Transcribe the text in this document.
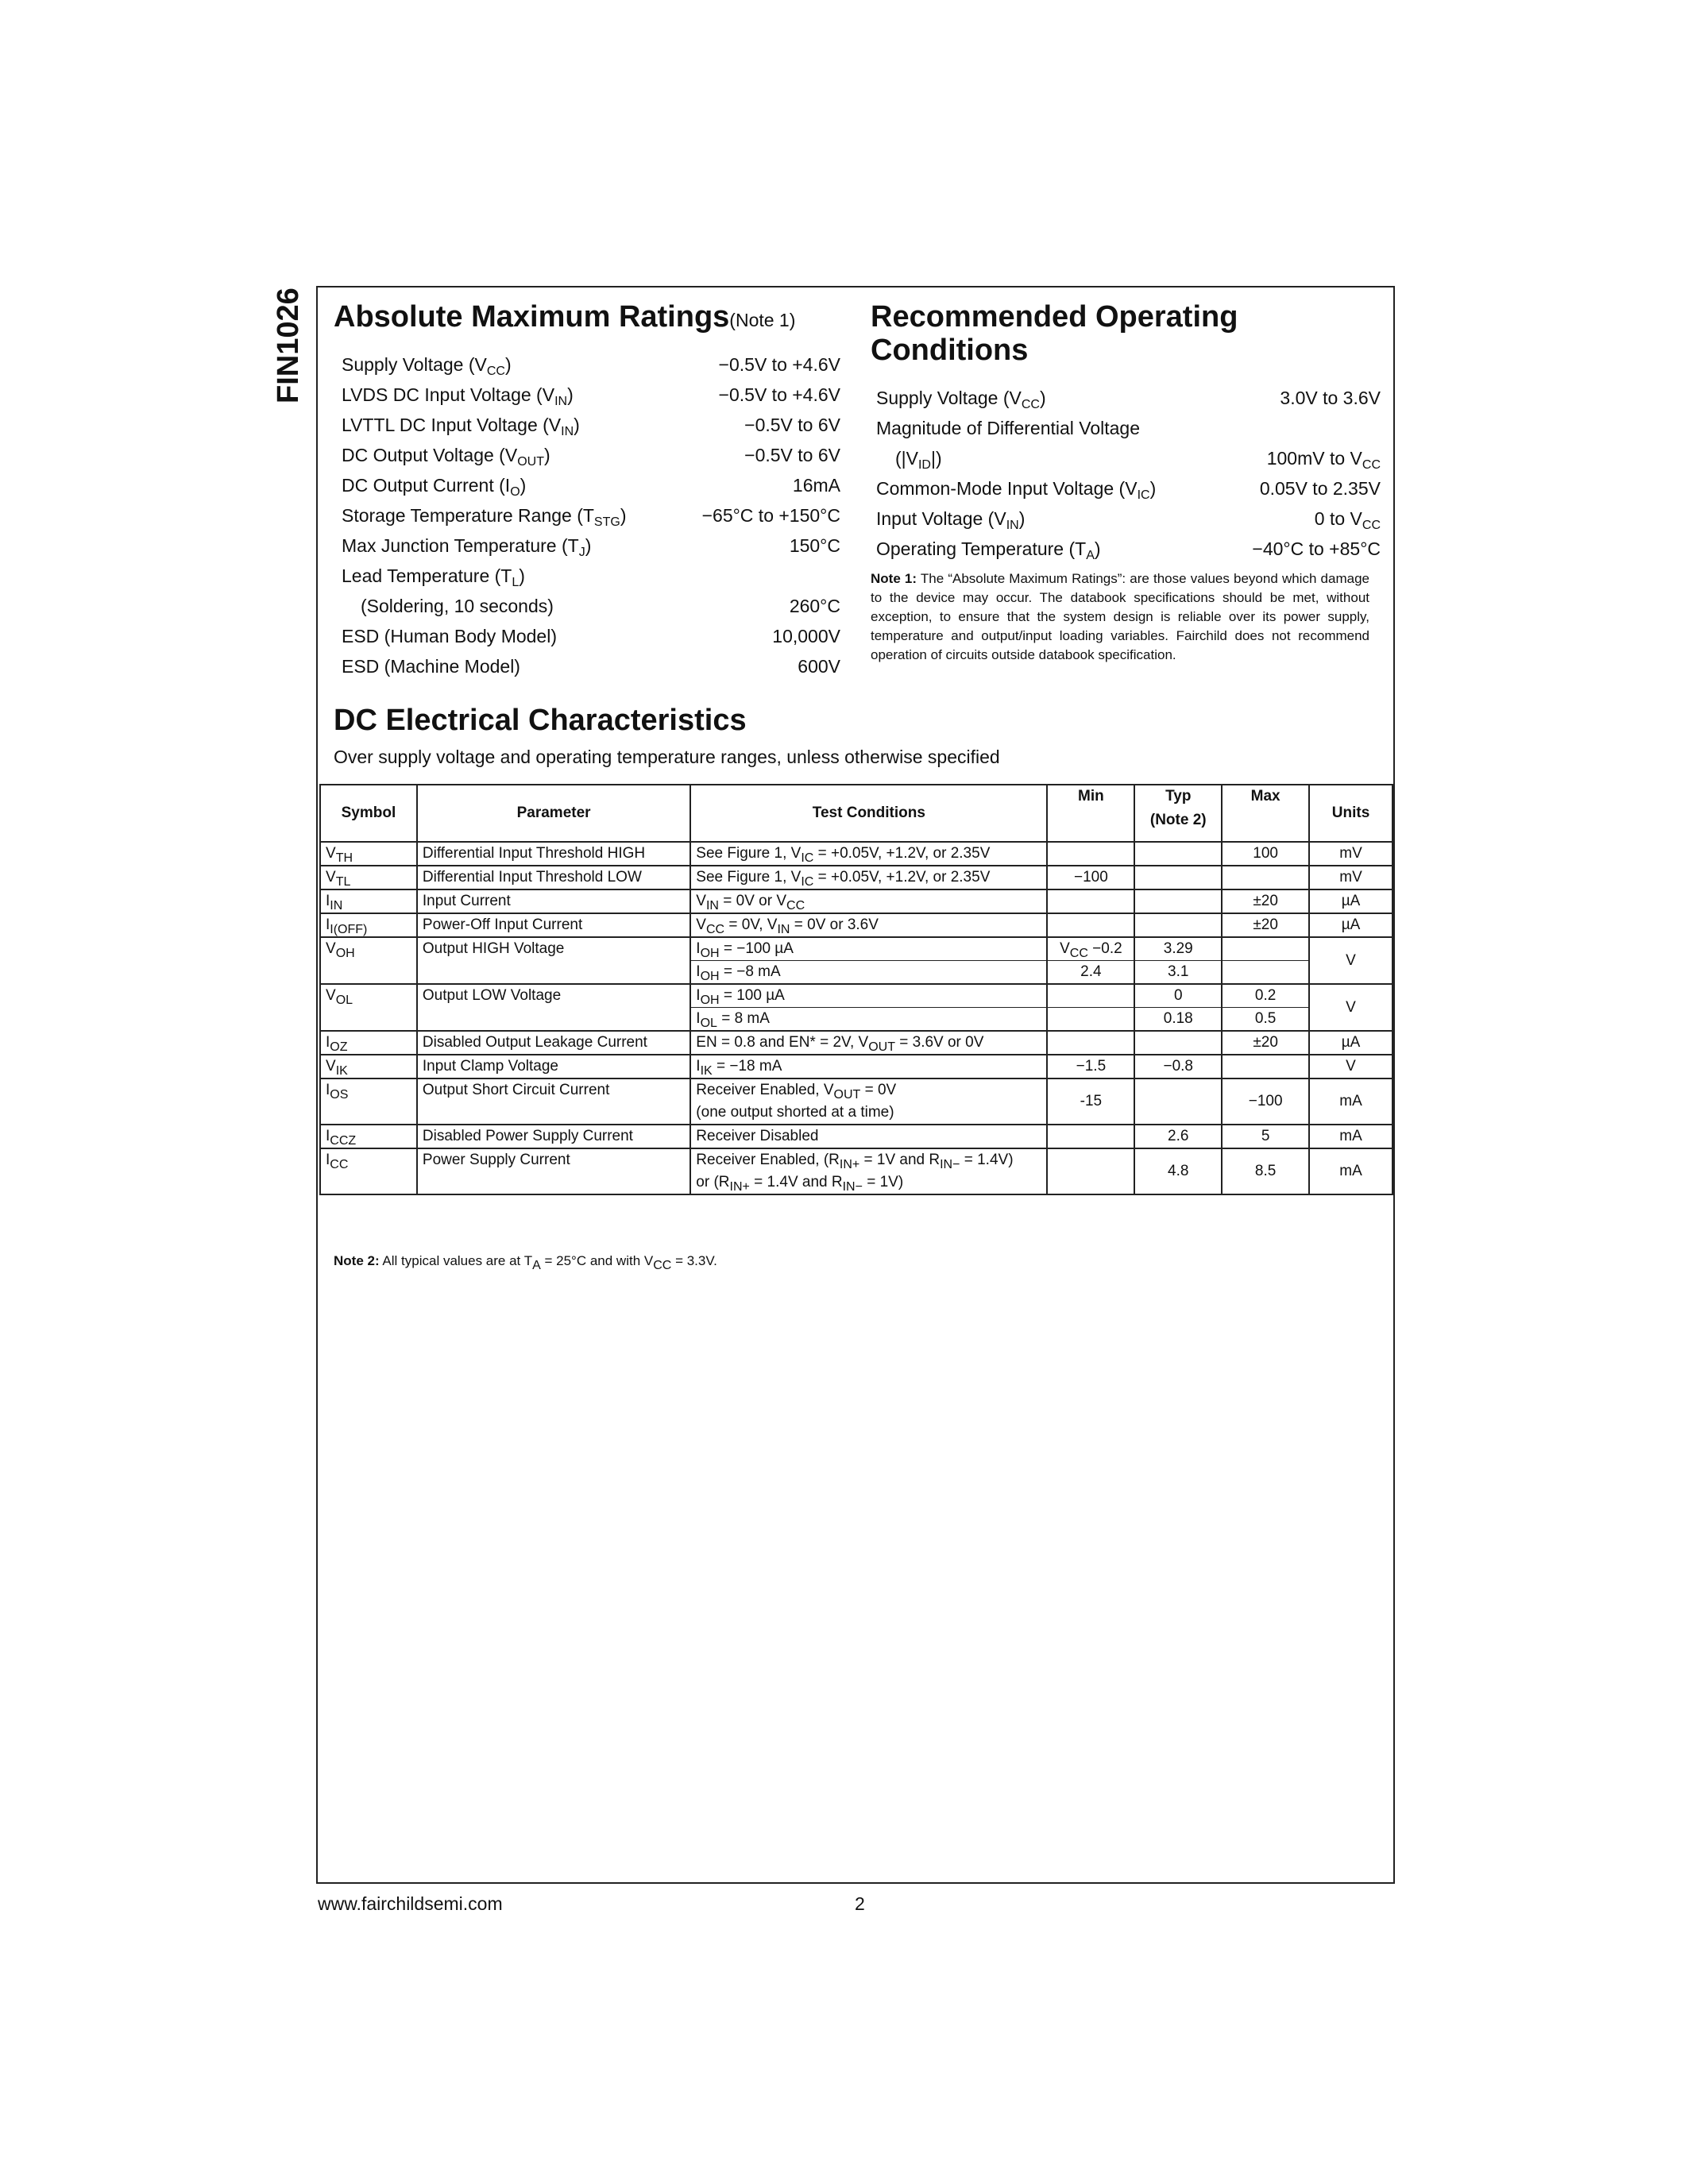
FIN1026 Absolute Maximum Ratings(Note 1)
Supply Voltage $(V_{CC})$	−0.5V to +4.6V
LVDS DC Input Voltage $(V_{IN})$	−0.5V to +4.6V
LVTTL DC Input Voltage $(V_{IN})$	−0.5V to 6V
DC Output Voltage $(V_{OUT})$	−0.5V to 6V
DC Output Current $(I_O)$	16mA
Storage Temperature Range $(T_{STG})$	−65°C to +150°C
Max Junction Temperature $(T_J)$	150°C
Lead Temperature $(T_L)$
(Soldering, 10 seconds)	260°C
ESD (Human Body Model)	10,000V
ESD (Machine Model)	600V
Recommended Operating
Conditions
Supply Voltage $(V_{CC})$	3.0V to 3.6V
Magnitude of Differential Voltage
$(|V_{ID}|)$	100mV to $V_{CC}$
Common-Mode Input Voltage $(V_{IC})$	0.05V to 2.35V
Input Voltage $(V_{IN})$	0 to $V_{CC}$
Operating Temperature $(T_A)$	−40°C to +85°C
Note 1: The “Absolute Maximum Ratings”: are those values beyond which damage to the device may occur. The databook specifications should be met, without exception, to ensure that the system design is reliable over its power supply, temperature and output/input loading variables. Fairchild does not recommend operation of circuits outside databook specification.
DC Electrical Characteristics
Over supply voltage and operating temperature ranges, unless otherwise specified
Symbol	Parameter	Test Conditions	Min	Typ
(Note 2)	Max	Units
$V_{TH}$	Differential Input Threshold HIGH	See Figure 1, $V_{IC} = +0.05V$, +1.2V, or 2.35V			100	mV
$V_{TL}$	Differential Input Threshold LOW	See Figure 1, $V_{IC} = +0.05V$, +1.2V, or 2.35V	−100			mV
$I_{IN}$	Input Current	$V_{IN} = 0V$ or $V_{CC}$			±20	µA
$I_{I(OFF)}$	Power-Off Input Current	$V_{CC} = 0V$, $V_{IN} = 0V$ or 3.6V			±20	µA
$V_{OH}$	Output HIGH Voltage	$I_{OH} = -100$ µA	$V_{CC} -0.2$	3.29		V
		$I_{OH} = -8$ mA	2.4	3.1		
$V_{OL}$	Output LOW Voltage	$I_{OH} = 100$ µA		0	0.2	V
		$I_{OL} = 8$ mA		0.18	0.5	
$I_{OZ}$	Disabled Output Leakage Current	EN = 0.8 and EN* = 2V, $V_{OUT} = 3.6V$ or 0V			±20	µA
$V_{IK}$	Input Clamp Voltage	$I_{IK} = -18$ mA	−1.5	−0.8		V
$I_{OS}$	Output Short Circuit Current	Receiver Enabled, $V_{OUT} = 0V$
(one output shorted at a time)	-15		−100	mA
$I_{CCZ}$	Disabled Power Supply Current	Receiver Disabled		2.6	5	mA
$I_{CC}$	Power Supply Current	Receiver Enabled, ($R_{IN+} = 1V$ and $R_{IN-} = 1.4V$)
or ($R_{IN+} = 1.4V$ and $R_{IN-} = 1V$)		4.8	8.5	mA
Note 2: All typical values are at $T_A = 25^\circ C$ and with $V_{CC} = 3.3V$.
www.fairchildsemi.com	2
